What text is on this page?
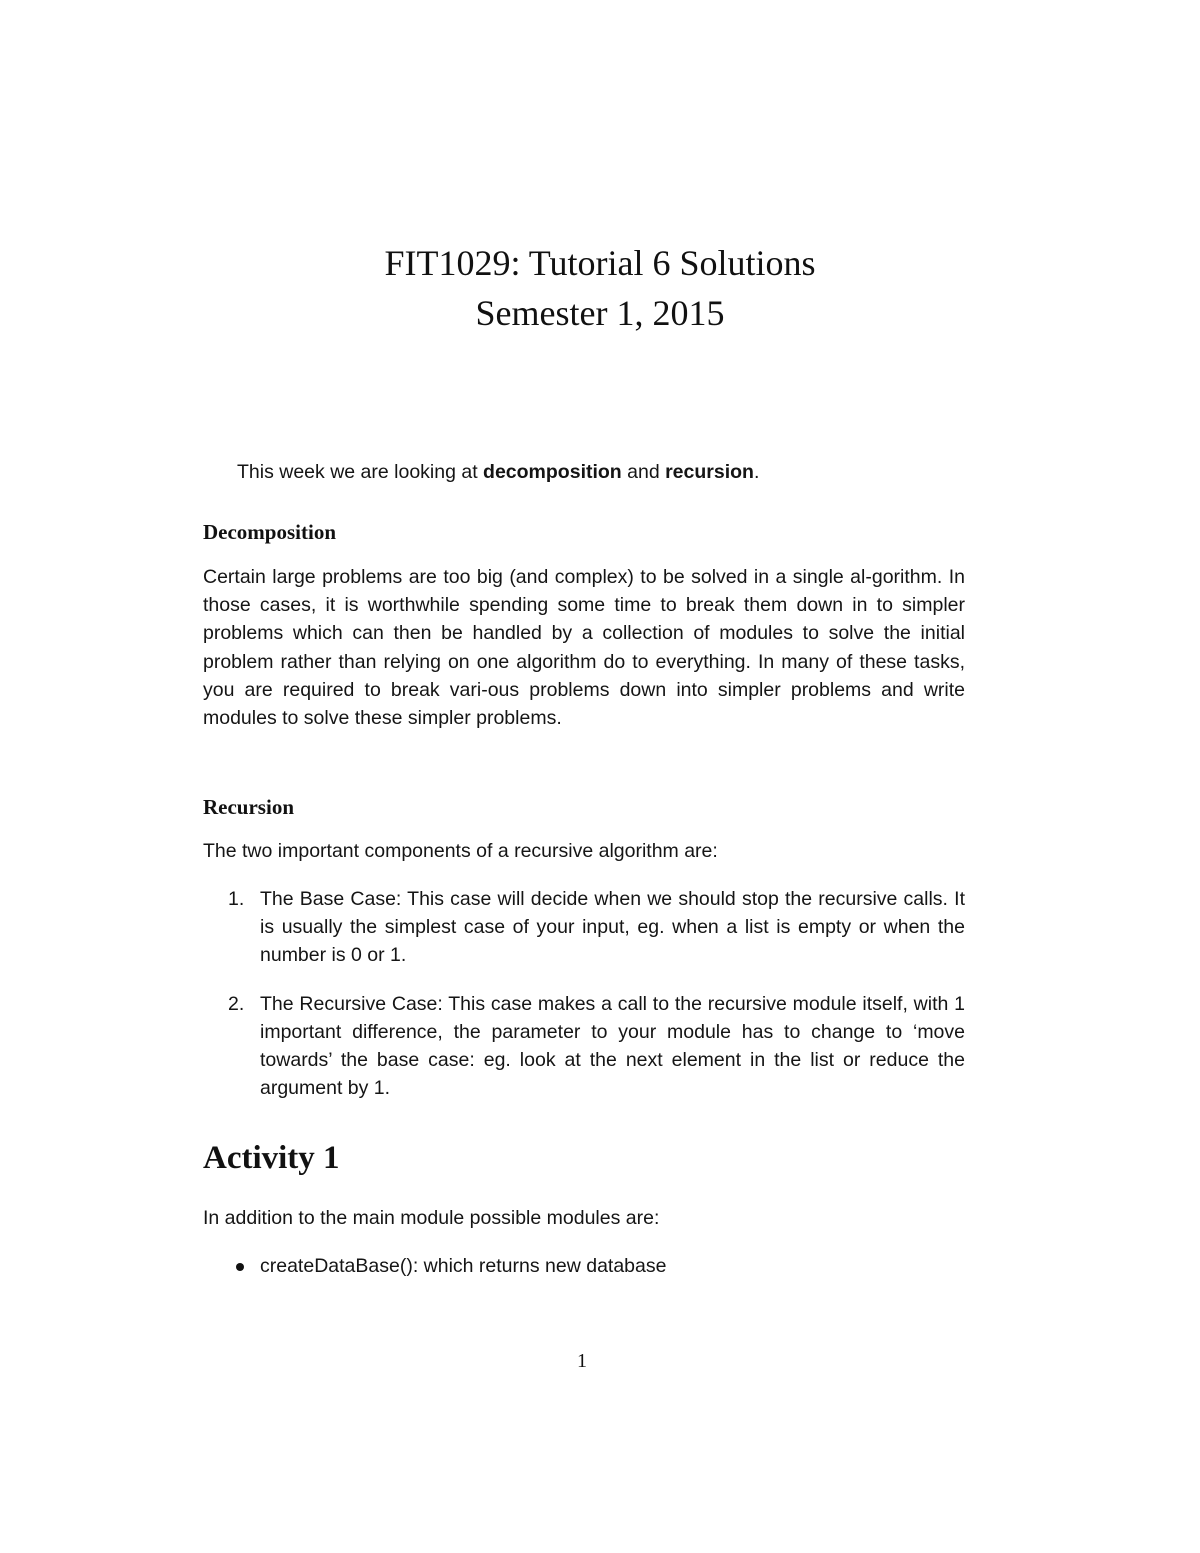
FIT1029: Tutorial 6 Solutions
Semester 1, 2015

This week we are looking at decomposition and recursion.

Decomposition

Certain large problems are too big (and complex) to be solved in a single al-gorithm. In those cases, it is worthwhile spending some time to break them down in to simpler problems which can then be handled by a collection of modules to solve the initial problem rather than relying on one algorithm do to everything. In many of these tasks, you are required to break vari-ous problems down into simpler problems and write modules to solve these simpler problems.

Recursion

The two important components of a recursive algorithm are:

1. The Base Case: This case will decide when we should stop the recursive calls. It is usually the simplest case of your input, eg. when a list is empty or when the number is 0 or 1.
2. The Recursive Case: This case makes a call to the recursive module itself, with 1 important difference, the parameter to your module has to change to ‘move towards’ the base case: eg. look at the next element in the list or reduce the argument by 1.
Activity 1

In addition to the main module possible modules are:

createDataBase(): which returns new database
1
